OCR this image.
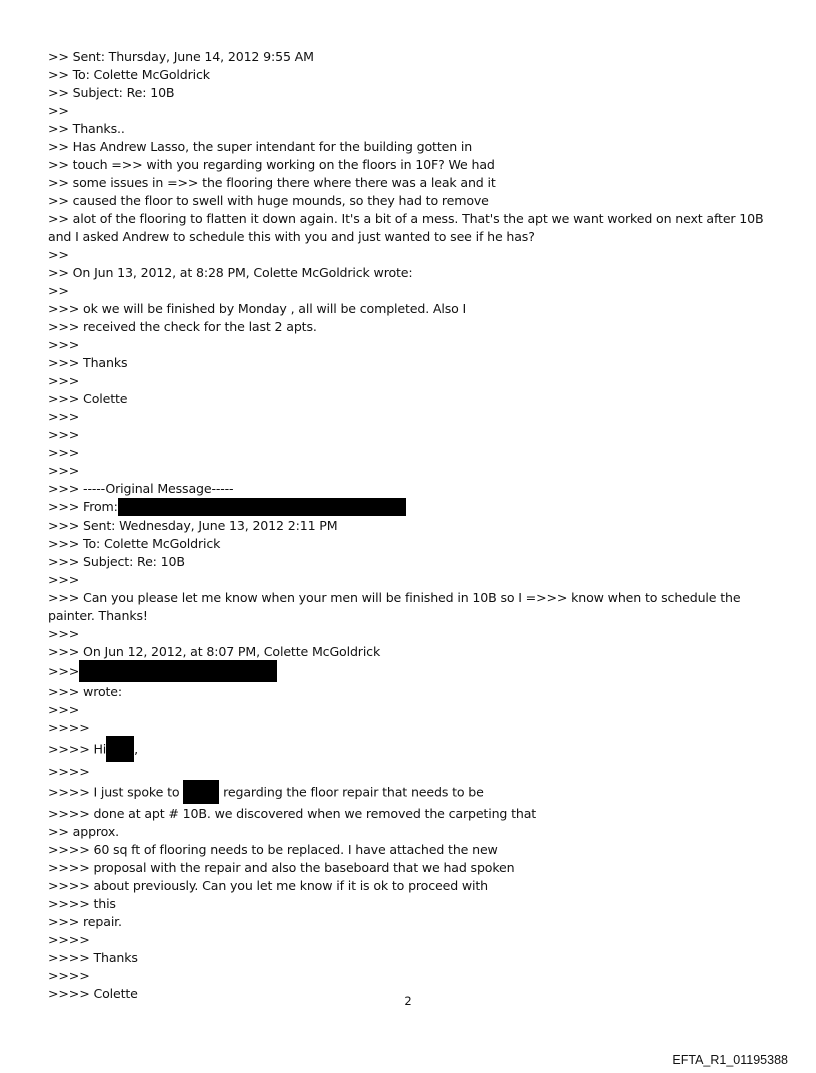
>> Sent: Thursday, June 14, 2012 9:55 AM
>> To: Colette McGoldrick
>> Subject: Re: 10B
>>
>> Thanks..
>> Has Andrew Lasso, the super intendant for the building gotten in
>> touch =>> with you regarding working on the floors in 10F? We had
>> some issues in =>> the flooring there where there was a leak and it
>> caused the floor to swell with huge mounds, so they had to remove
>> alot of the flooring to flatten it down again. It's a bit of a mess. That's the apt we want worked on next after 10B and I asked Andrew to schedule this with you and just wanted to see if he has?
>>
>> On Jun 13, 2012, at 8:28 PM, Colette McGoldrick wrote:
>>
>>> ok we will be finished by Monday , all will be completed. Also I
>>> received the check for the last 2 apts.
>>>
>>> Thanks
>>>
>>> Colette
>>>
>>>
>>>
>>>
>>> -----Original Message-----
>>> From:
>>> Sent: Wednesday, June 13, 2012 2:11 PM
>>> To: Colette McGoldrick
>>> Subject: Re: 10B
>>>
>>> Can you please let me know when your men will be finished in 10B so I =>>> know when to schedule the painter. Thanks!
>>>
>>> On Jun 12, 2012, at 8:07 PM, Colette McGoldrick
>>>
>>> wrote:
>>>
>>>>
>>>> Hi ,
>>>>
>>>> I just spoke to	regarding the floor repair that needs to be
>>>> done at apt # 10B. we discovered when we removed the carpeting that
>> approx.
>>>> 60 sq ft of flooring needs to be replaced. I have attached the new
>>>> proposal with the repair and also the baseboard that we had spoken
>>>> about previously. Can you let me know if it is ok to proceed with
>>>> this
>>> repair.
>>>>
>>>> Thanks
>>>>
>>>> Colette
2
EFTA_R1_01195388
